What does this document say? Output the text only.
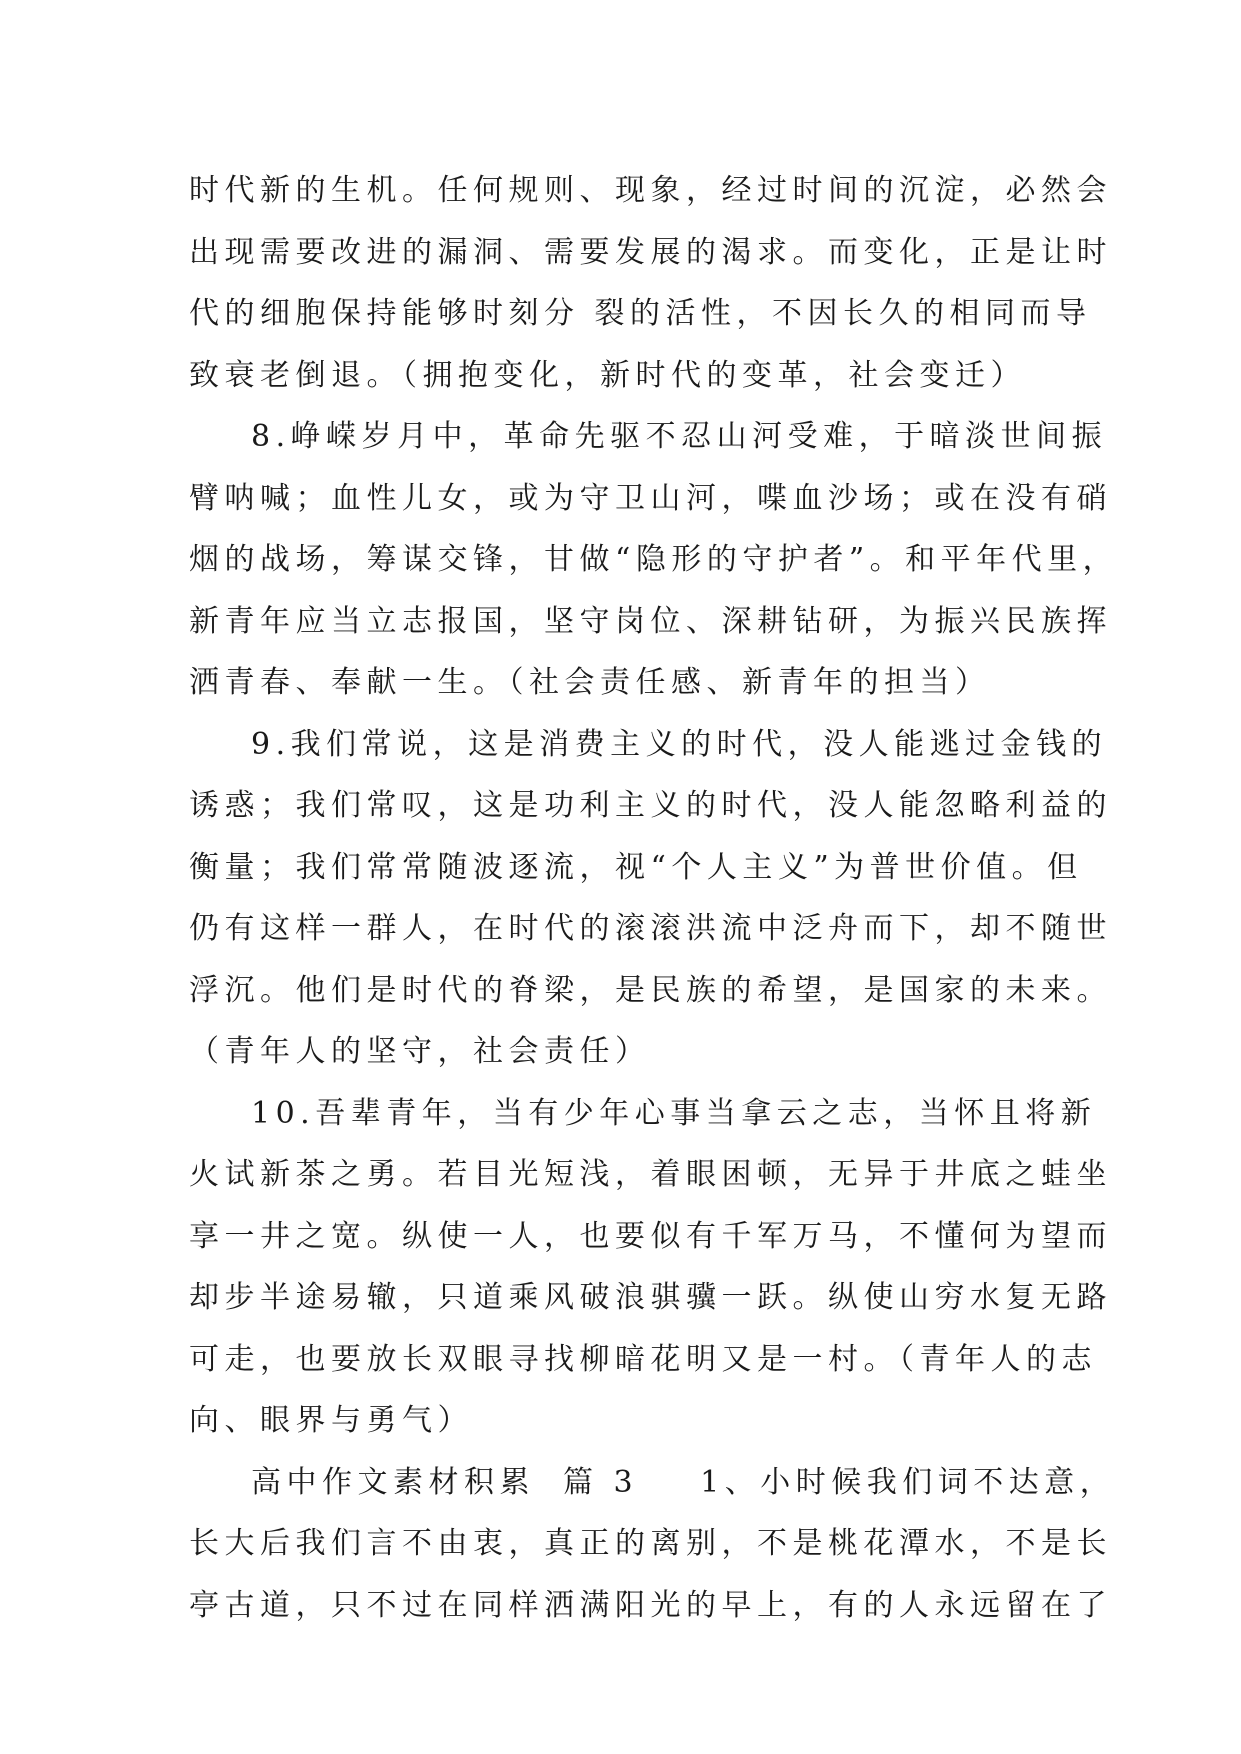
时代新的生机。任何规则、现象，经过时间的沉淀，必然会
出现需要改进的漏洞、需要发展的渴求。而变化，正是让时
代的细胞保持能够时刻分 裂的活性，不因长久的相同而导
致衰老倒退。（拥抱变化，新时代的变革，社会变迁）
8.峥嵘岁月中，革命先驱不忍山河受难，于暗淡世间振
臂呐喊；血性儿女，或为守卫山河，喋血沙场；或在没有硝
烟的战场，筹谋交锋，甘做“隐形的守护者”。和平年代里，
新青年应当立志报国，坚守岗位、深耕钻研，为振兴民族挥
洒青春、奉献一生。（社会责任感、新青年的担当）
9.我们常说，这是消费主义的时代，没人能逃过金钱的
诱惑；我们常叹，这是功利主义的时代，没人能忽略利益的
衡量；我们常常随波逐流，视“个人主义”为普世价值。但
仍有这样一群人，在时代的滚滚洪流中泛舟而下，却不随世
浮沉。他们是时代的脊梁，是民族的希望，是国家的未来。
（青年人的坚守，社会责任）
10.吾辈青年，当有少年心事当拿云之志，当怀且将新
火试新茶之勇。若目光短浅，着眼困顿，无异于井底之蛙坐
享一井之宽。纵使一人，也要似有千军万马，不懂何为望而
却步半途易辙，只道乘风破浪骐骥一跃。纵使山穷水复无路
可走，也要放长双眼寻找柳暗花明又是一村。（青年人的志
向、眼界与勇气）
高中作文素材积累 篇 3 1、小时候我们词不达意，
长大后我们言不由衷，真正的离别，不是桃花潭水，不是长
亭古道，只不过在同样洒满阳光的早上，有的人永远留在了
